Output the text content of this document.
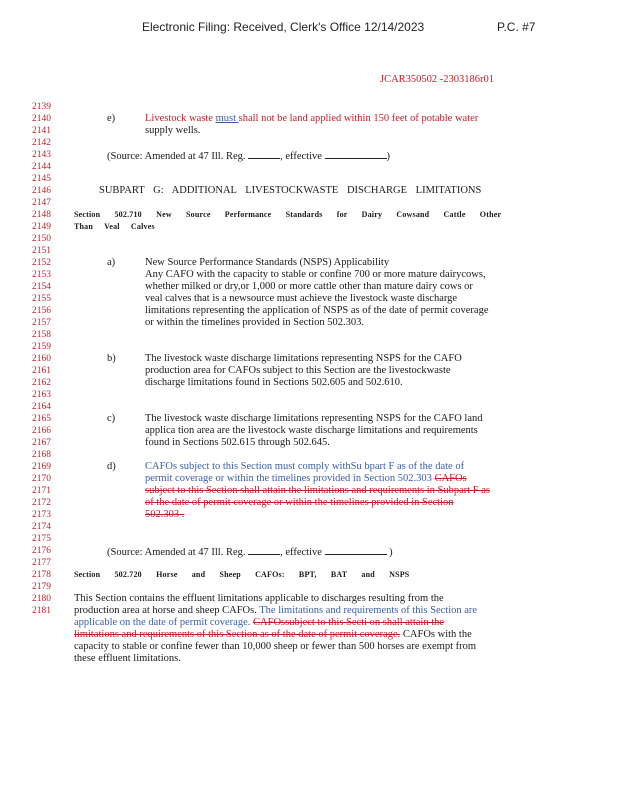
Electronic Filing: Received, Clerk's Office 12/14/2023	P.C. #7
JCAR350502 -2303186r01
2139
2140
2141
2142
2143
2144
2145
2146
2147
2148
2149
2150
2151
2152
2153
2154
2155
2156
2157
2158
2159
2160
2161
2162
2163
2164
2165
2166
2167
2168
2169
2170
2171
2172
2173
2174
2175
2176
2177
2178
2179
2180
2181
e)	Livestock waste must shall not be land applied within 150 feet of potable water
supply wells.
(Source: Amended at 47 Ill. Reg.	, effective	)
SUBPART G: ADDITIONAL LIVESTOCKWASTE DISCHARGE LIMITATIONS
Section 502.710 New Source Performance Standards for Dairy Cowsand Cattle Other
Than Veal Calves
a)	New Source Performance Standards (NSPS) Applicability
Any CAFO with the capacity to stable or confine 700 or more mature dairycows,
whether milked or dry,or 1,000 or more cattle other than mature dairy cows or
veal calves that is a newsource must achieve the livestock waste discharge
limitations representing the application of NSPS as of the date of permit coverage
or within the timelines provided in Section 502.303.
b)	The livestock waste discharge limitations representing NSPS for the CAFO
production area for CAFOs subject to this Section are the livestockwaste
discharge limitations found in Sections 502.605 and 502.610.
c)	The livestock waste discharge limitations representing NSPS for the CAFO land
applica tion area are the livestock waste discharge limitations and requirements
found in Sections 502.615 through 502.645.
d)	CAFOs subject to this Section must comply withSu bpart F as of the date of
permit coverage or within the timelines provided in Section 502.303 CAFOs
subject to this Section shall attain the limitations and requirements in Subpart F as
of the date of permit coverage or within the timelines provided in Section
502.303 .
(Source: Amended at 47 Ill. Reg.	, effective	)
Section 502.720 Horse and Sheep CAFOs: BPT, BAT and NSPS
This Section contains the effluent limitations applicable to discharges resulting from the
production area at horse and sheep CAFOs. The limitations and requirements of this Section are
applicable on the date of permit coverage. CAFOssubject to this Secti on shall attain the
limitations and requirements of this Section as of the date of permit coverage. CAFOs with the
capacity to stable or confine fewer than 10,000 sheep or fewer than 500 horses are exempt from
these effluent limitations.
